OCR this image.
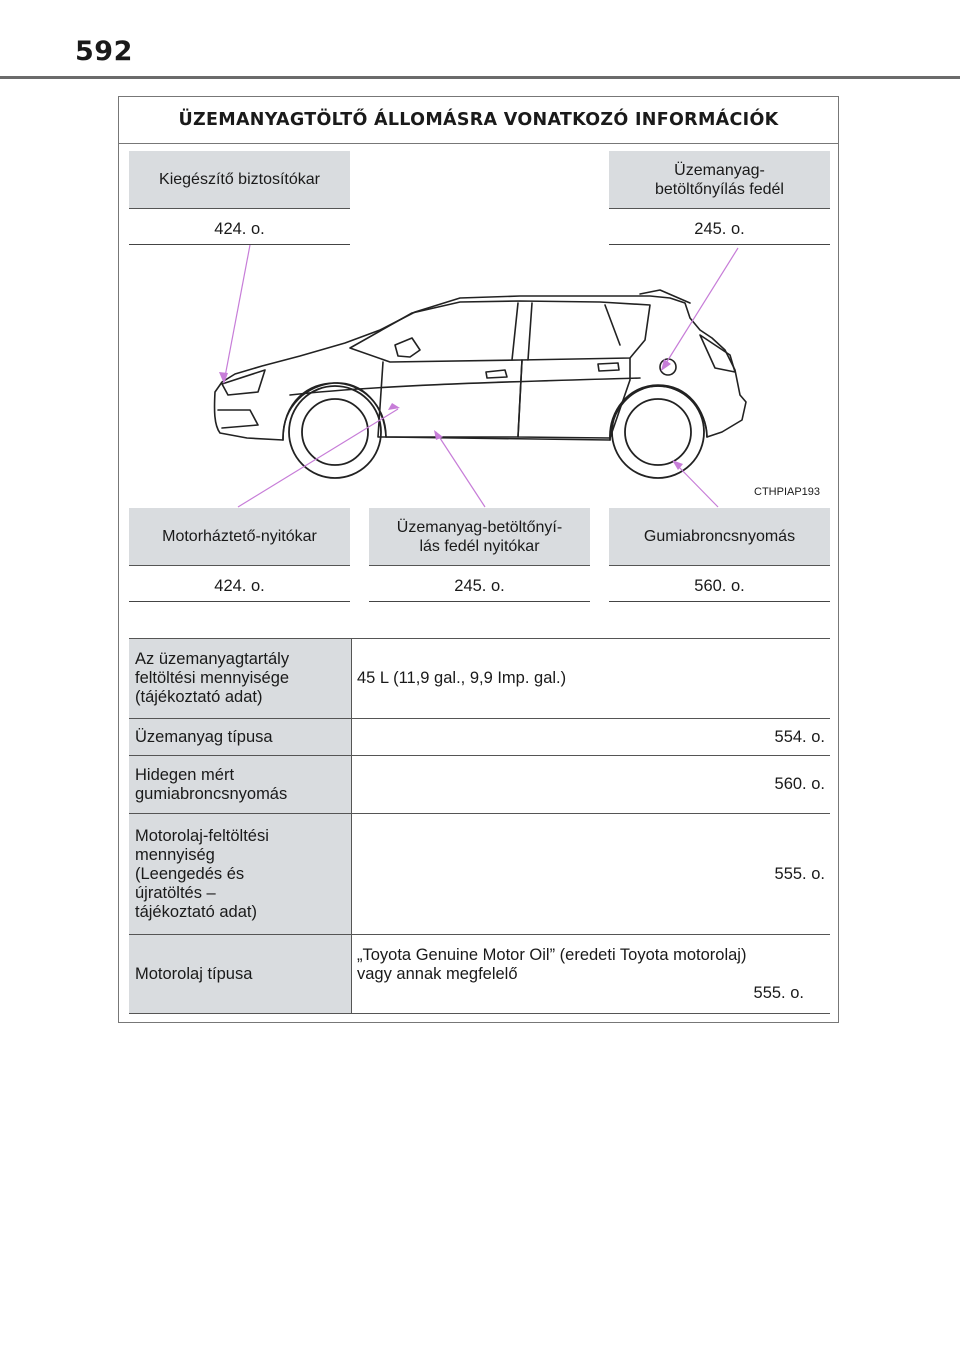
592
ÜZEMANYAGTÖLTŐ ÁLLOMÁSRA VONATKOZÓ INFORMÁCIÓK
CTHPIAP193
Kiegészítő biztosítókar
424. o.
Üzemanyag-
betöltőnyílás fedél
245. o.
Motorháztető-nyitókar
424. o.
Üzemanyag-betöltőnyí-
lás fedél nyitókar
245. o.
Gumiabroncsnyomás
560. o.
Az üzemanyagtartály
feltöltési mennyisége
(tájékoztató adat)	45 L (11,9 gal., 9,9 Imp. gal.)

Üzemanyag típusa	554. o.

Hidegen mért
gumiabroncsnyomás	560. o.

Motorolaj-feltöltési
mennyiség
(Leengedés és
újratöltés –
tájékoztató adat)	555. o.

Motorolaj típusa	„Toyota Genuine Motor Oil” (eredeti Toyota motorolaj)
vagy annak megfelelő
555. o.
